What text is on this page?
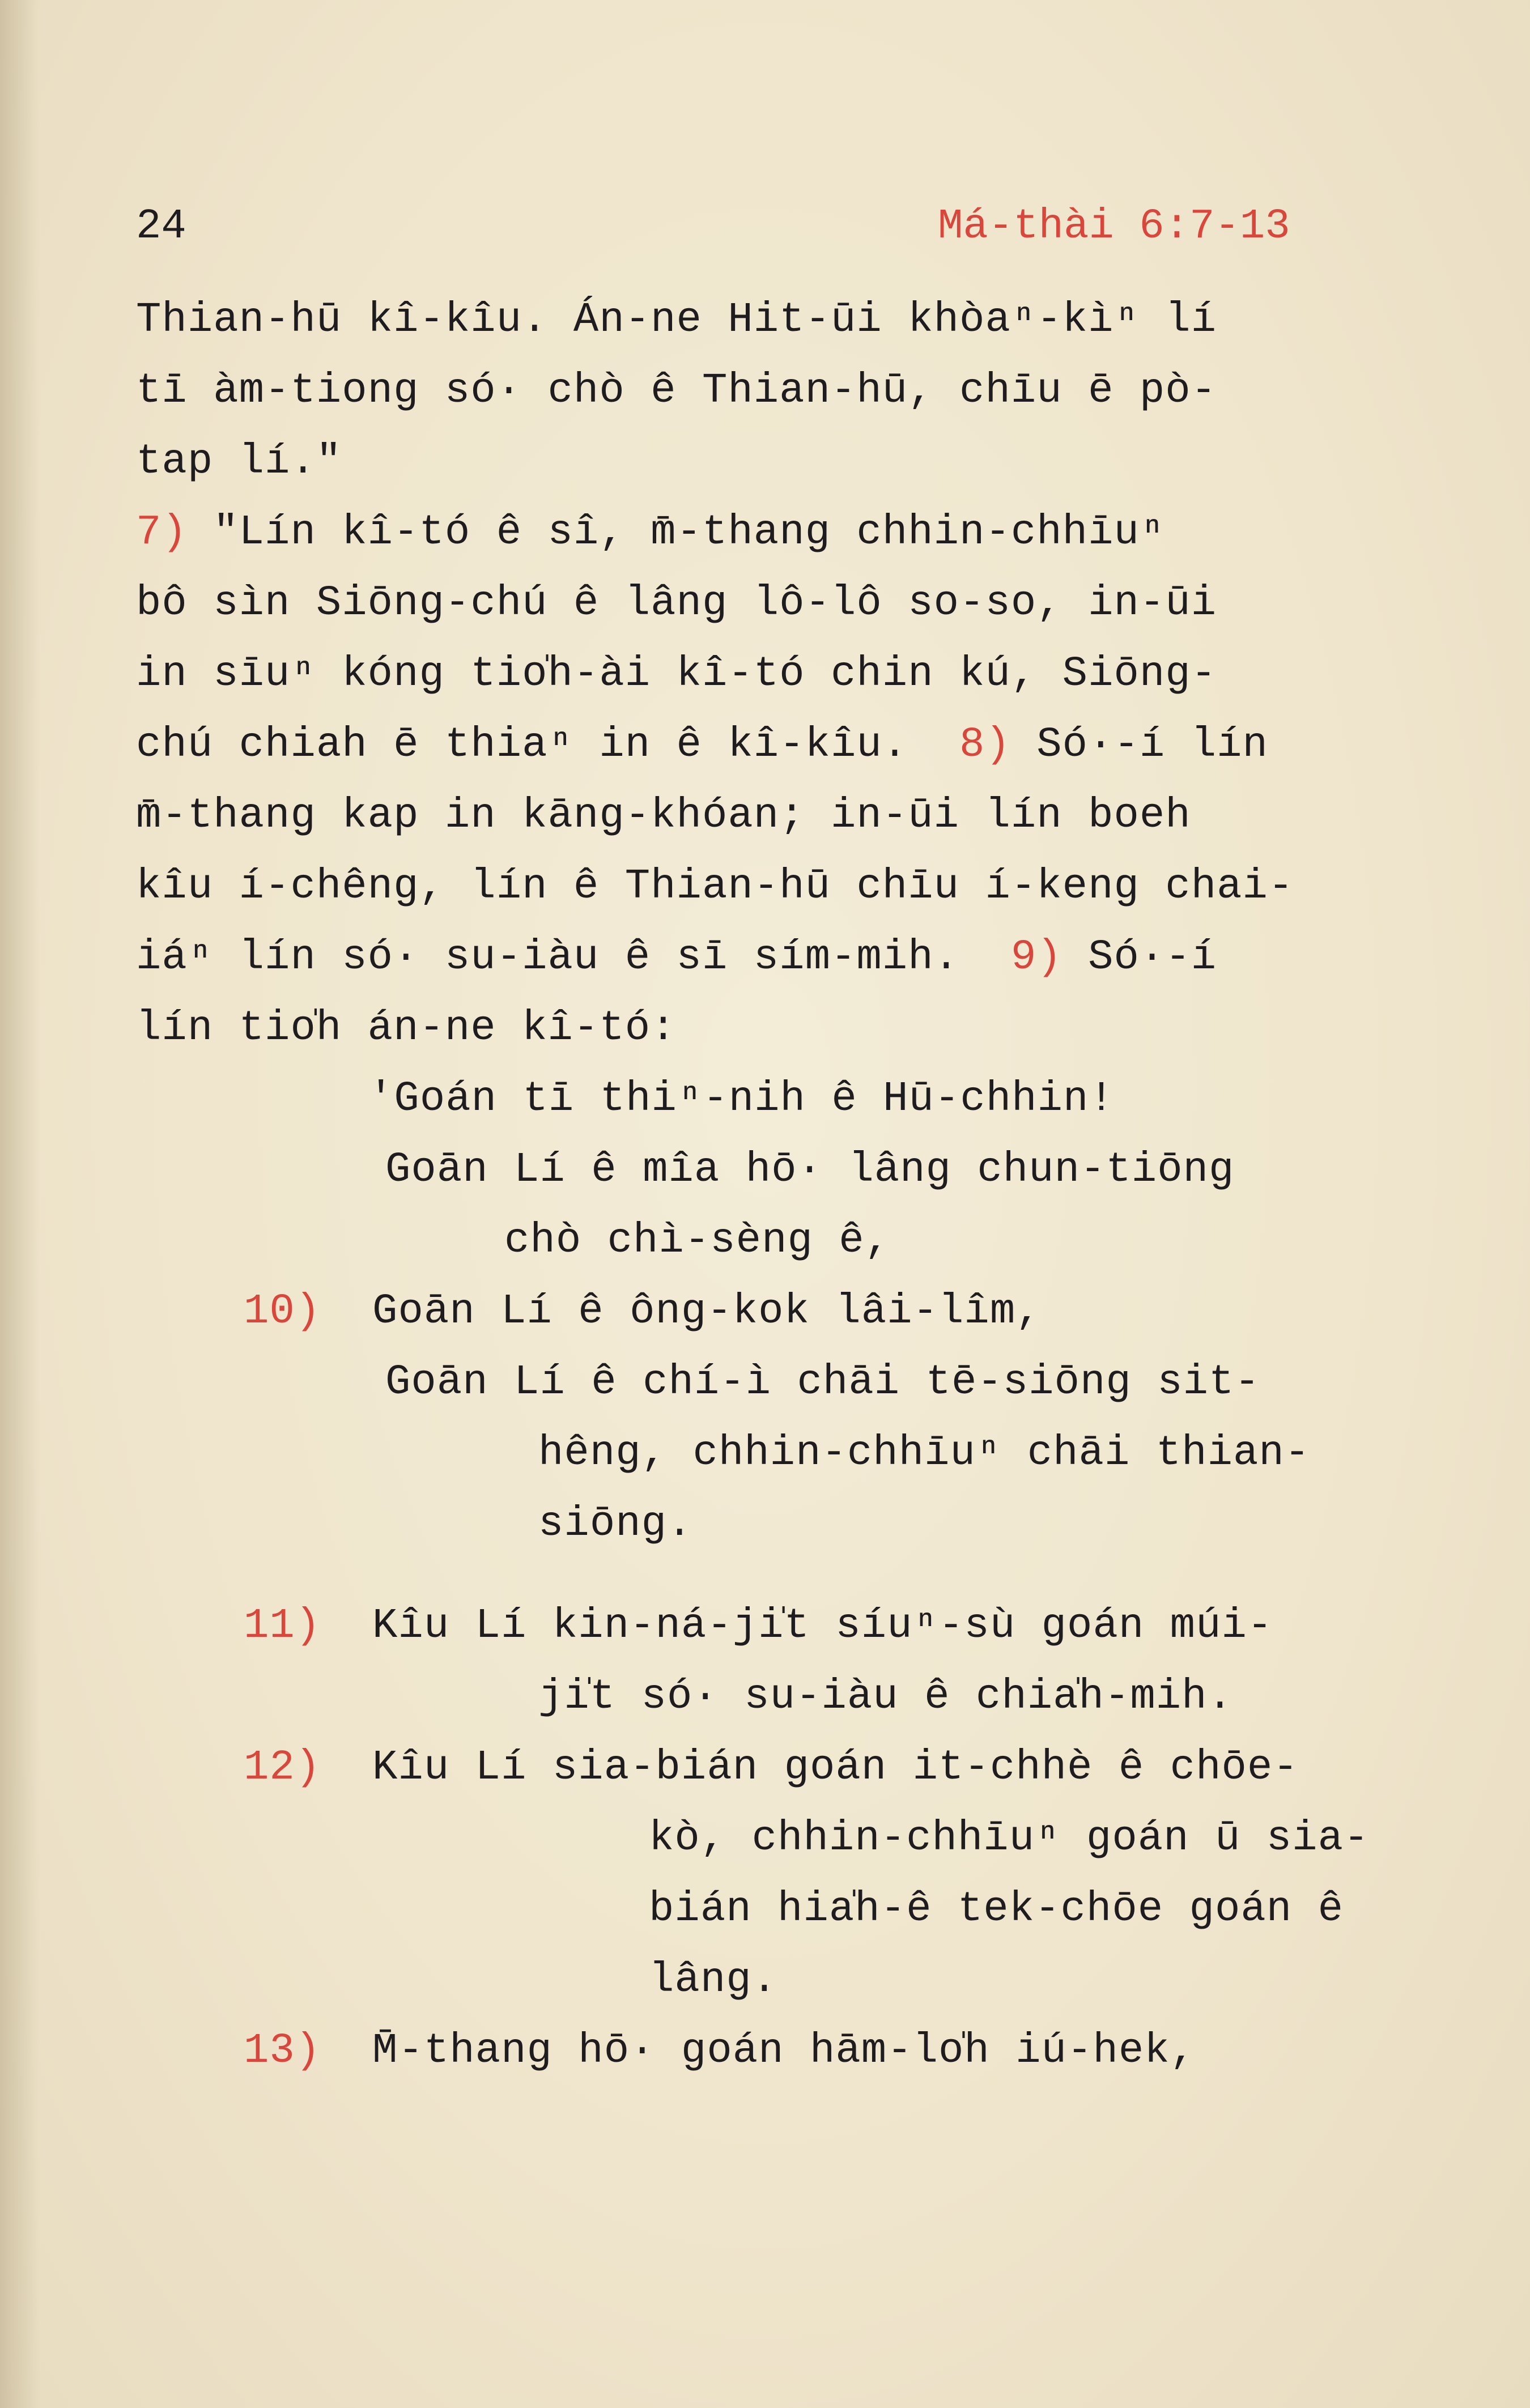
24	Má-thài 6:7-13
Thian-hū kî-kîu. Án-ne Hit-ūi khòaⁿ-kìⁿ lí
tī àm-tiong só· chò ê Thian-hū, chīu ē pò-
tap lí."
7) "Lín kî-tó ê sî, m̄-thang chhin-chhīuⁿ
bô sìn Siōng-chú ê lâng lô-lô so-so, in-ūi
in sīuⁿ kóng tio̍h-ài kî-tó chin kú, Siōng-
chú chiah ē thiaⁿ in ê kî-kîu.  8) Só·-í lín
m̄-thang kap in kāng-khóan; in-ūi lín boeh
kîu í-chêng, lín ê Thian-hū chīu í-keng chai-
iáⁿ lín só· su-iàu ê sī sím-mih.  9) Só·-í
lín tio̍h án-ne kî-tó:
'Goán tī thiⁿ-nih ê Hū-chhin!
Goān Lí ê mîa hō· lâng chun-tiōng
chò chì-sèng ê,
10)  Goān Lí ê ông-kok lâi-lîm,
Goān Lí ê chí-ì chāi tē-siōng sit-
hêng, chhin-chhīuⁿ chāi thian-
siōng.
11)  Kîu Lí kin-ná-ji̍t síuⁿ-sù goán múi-
ji̍t só· su-iàu ê chia̍h-mih.
12)  Kîu Lí sia-bián goán it-chhè ê chōe-
kò, chhin-chhīuⁿ goán ū sia-
bián hia̍h-ê tek-chōe goán ê
lâng.
13)  M̄-thang hō· goán hām-lo̍h iú-hek,
